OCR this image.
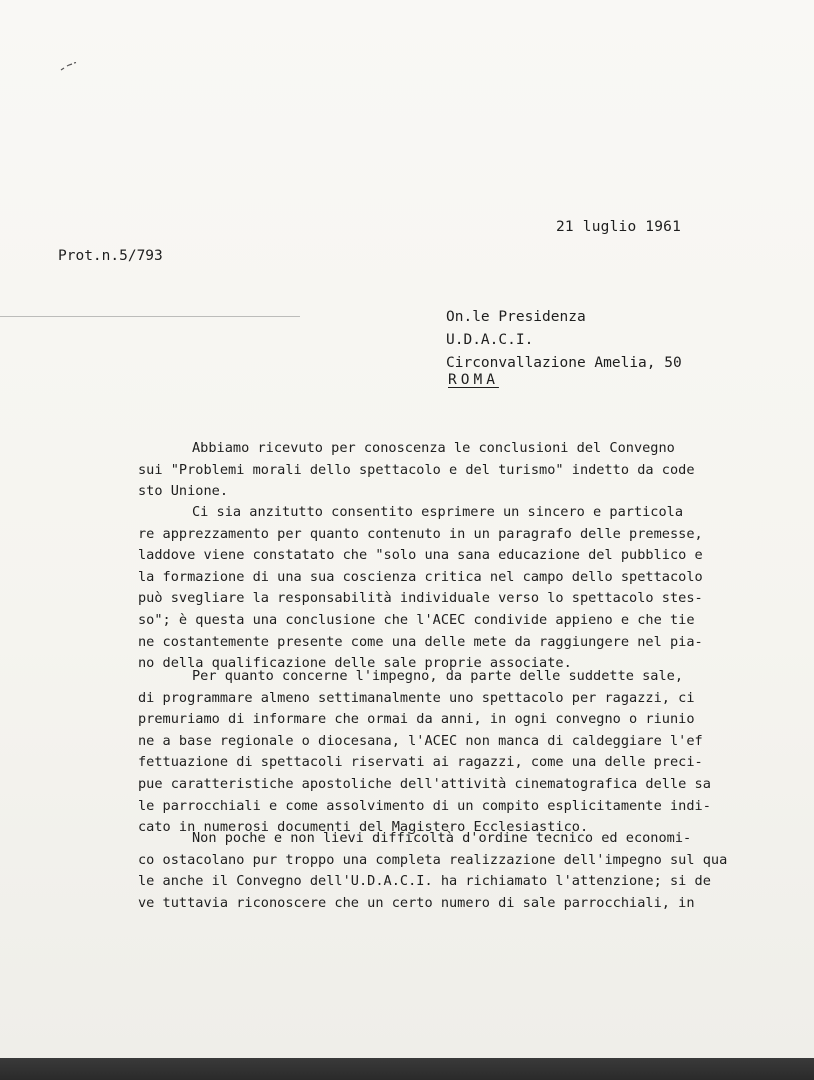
21 luglio 1961
Prot.n.5/793
On.le Presidenza
U.D.A.C.I.
Circonvallazione Amelia, 50
ROMA
Abbiamo ricevuto per conoscenza le conclusioni del Convegno
sui "Problemi morali dello spettacolo e del turismo" indetto da code
sto Unione.
Ci sia anzitutto consentito esprimere un sincero e particola
re apprezzamento per quanto contenuto in un paragrafo delle premesse,
laddove viene constatato che "solo una sana educazione del pubblico e
la formazione di una sua coscienza critica nel campo dello spettacolo
può svegliare la responsabilità individuale verso lo spettacolo stes-
so"; è questa una conclusione che l'ACEC condivide appieno e che tie
ne costantemente presente come una delle mete da raggiungere nel pia-
no della qualificazione delle sale proprie associate.
Per quanto concerne l'impegno, da parte delle suddette sale,
di programmare almeno settimanalmente uno spettacolo per ragazzi, ci
premuriamo di informare che ormai da anni, in ogni convegno o riunio
ne a base regionale o diocesana, l'ACEC non manca di caldeggiare l'ef
fettuazione di spettacoli riservati ai ragazzi, come una delle preci-
pue caratteristiche apostoliche dell'attività cinematografica delle sa
le parrocchiali e come assolvimento di un compito esplicitamente indi-
cato in numerosi documenti del Magistero Ecclesiastico.
Non poche e non lievi difficoltà d'ordine tecnico ed economi-
co ostacolano pur troppo una completa realizzazione dell'impegno sul qua
le anche il Convegno dell'U.D.A.C.I. ha richiamato l'attenzione; si de
ve tuttavia riconoscere che un certo numero di sale parrocchiali, in
